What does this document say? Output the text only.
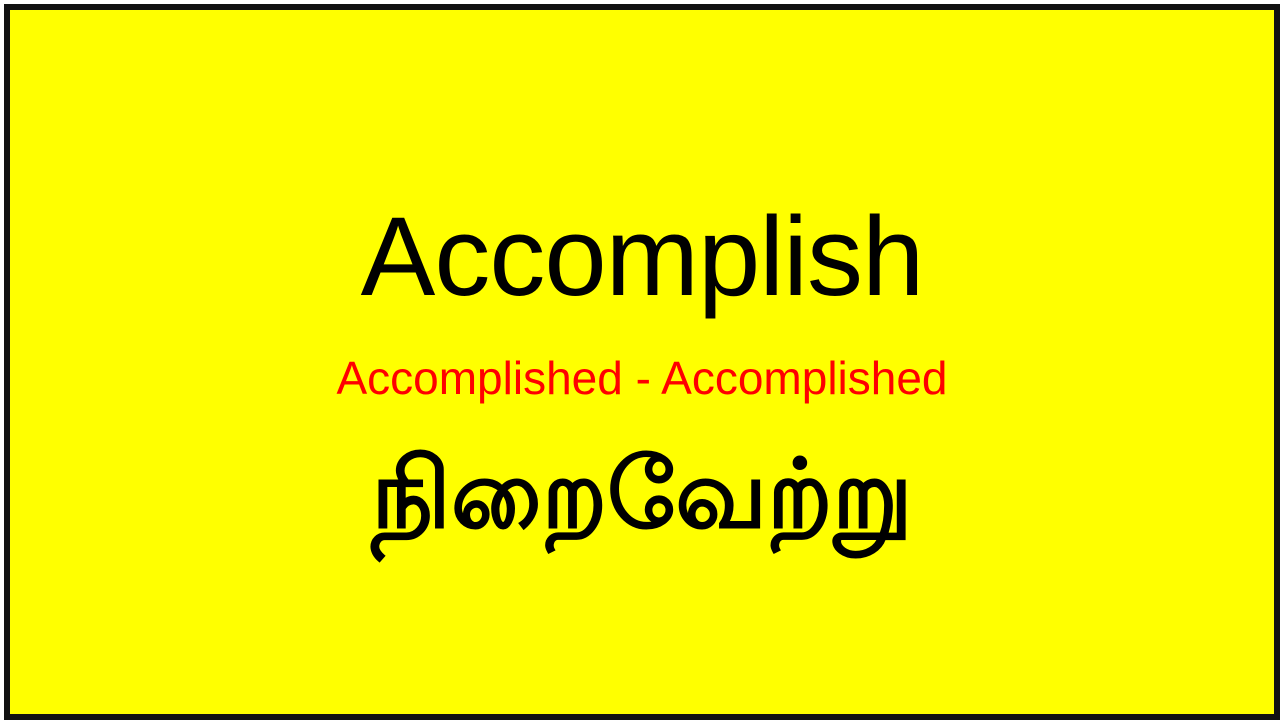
Accomplish
Accomplished - Accomplished
நிறைவேற்று
